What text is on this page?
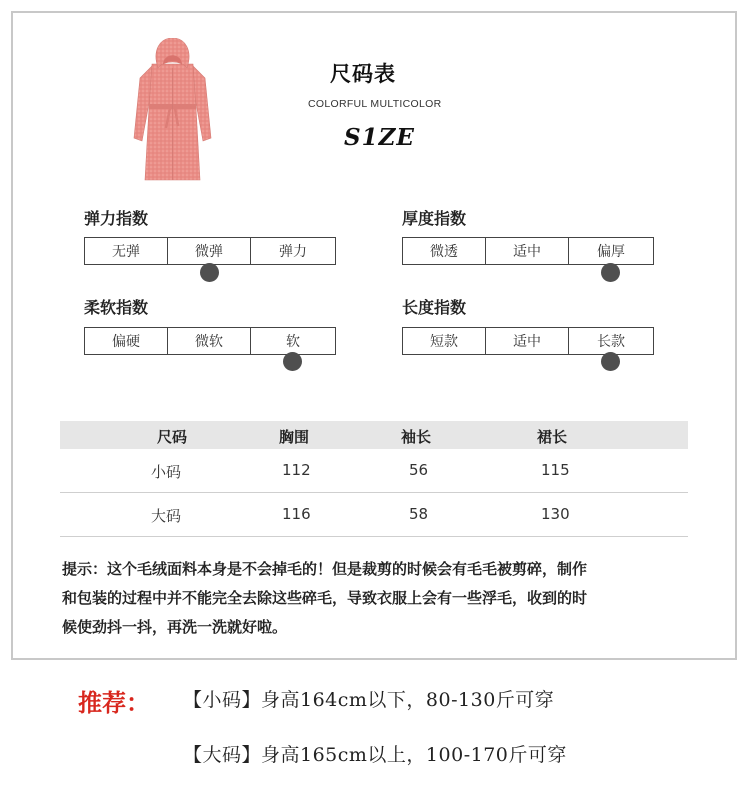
尺码表
COLORFUL MULTICOLOR
S1ZE
弹力指数
无弹	微弹	弹力
厚度指数
微透	适中	偏厚
柔软指数
偏硬	微软	软
长度指数
短款	适中	长款
尺码	胸围	袖长	裙长
小码	112	56	115
大码	116	58	130

提示：这个毛绒面料本身是不会掉毛的！但是裁剪的时候会有毛毛被剪碎，制作

和包装的过程中并不能完全去除这些碎毛，导致衣服上会有一些浮毛，收到的时

候使劲抖一抖，再洗一洗就好啦。

推荐： 【小码】身高164cm以下，80-130斤可穿
【大码】身高165cm以上，100-170斤可穿
